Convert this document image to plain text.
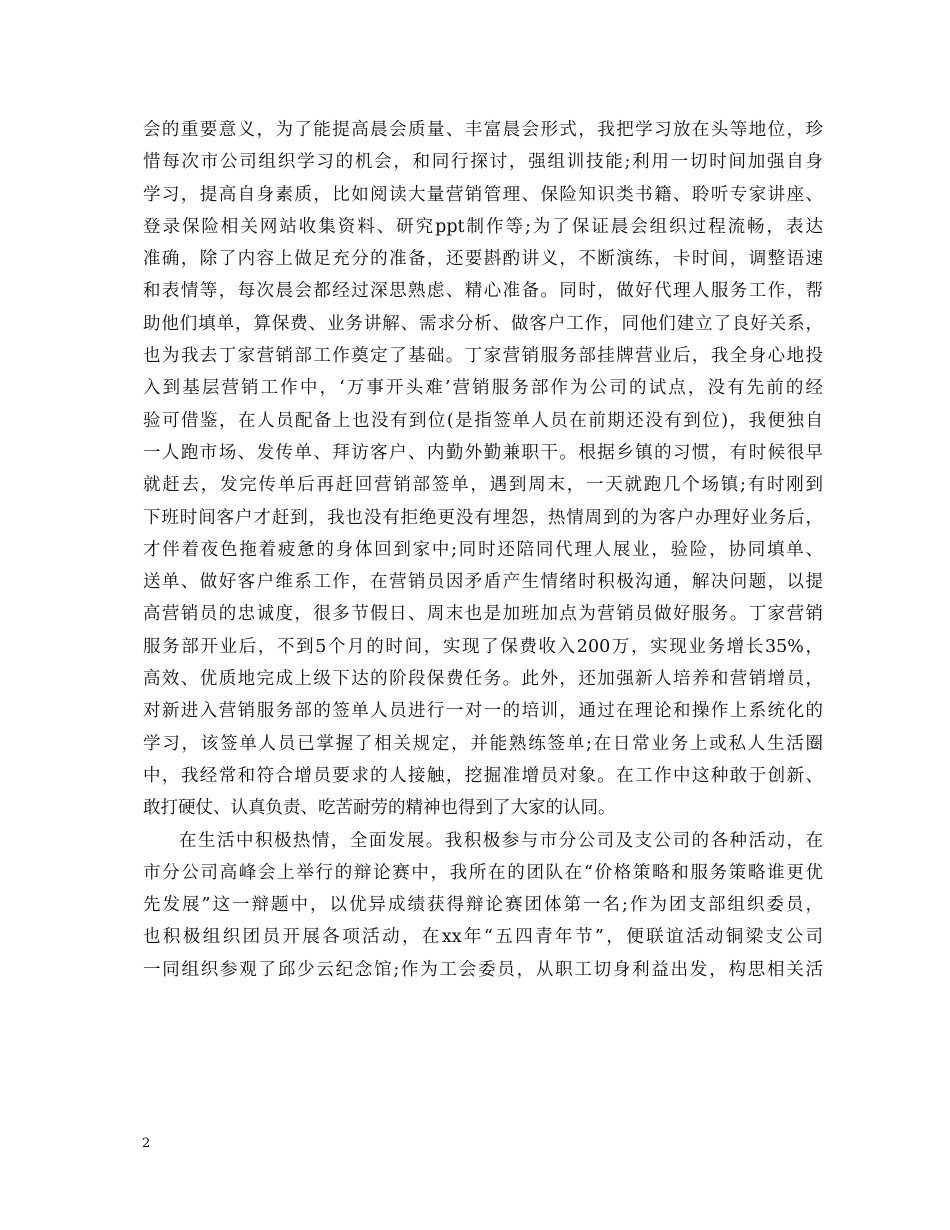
会的重要意义，为了能提高晨会质量、丰富晨会形式，我把学习放在头等地位，珍
惜每次市公司组织学习的机会，和同行探讨，强组训技能;利用一切时间加强自身
学习，提高自身素质，比如阅读大量营销管理、保险知识类书籍、聆听专家讲座、
登录保险相关网站收集资料、研究ppt制作等;为了保证晨会组织过程流畅，表达
准确，除了内容上做足充分的准备，还要斟酌讲义，不断演练，卡时间，调整语速
和表情等，每次晨会都经过深思熟虑、精心准备。同时，做好代理人服务工作，帮
助他们填单，算保费、业务讲解、需求分析、做客户工作，同他们建立了良好关系，
也为我去丁家营销部工作奠定了基础。丁家营销服务部挂牌营业后，我全身心地投
入到基层营销工作中，‘万事开头难’营销服务部作为公司的试点，没有先前的经
验可借鉴，在人员配备上也没有到位(是指签单人员在前期还没有到位)，我便独自
一人跑市场、发传单、拜访客户、内勤外勤兼职干。根据乡镇的习惯，有时候很早
就赶去，发完传单后再赶回营销部签单，遇到周末，一天就跑几个场镇;有时刚到
下班时间客户才赶到，我也没有拒绝更没有埋怨，热情周到的为客户办理好业务后，
才伴着夜色拖着疲惫的身体回到家中;同时还陪同代理人展业，验险，协同填单、
送单、做好客户维系工作，在营销员因矛盾产生情绪时积极沟通，解决问题，以提
高营销员的忠诚度，很多节假日、周末也是加班加点为营销员做好服务。丁家营销
服务部开业后，不到5个月的时间，实现了保费收入200万，实现业务增长35%，
高效、优质地完成上级下达的阶段保费任务。此外，还加强新人培养和营销增员，
对新进入营销服务部的签单人员进行一对一的培训，通过在理论和操作上系统化的
学习，该签单人员已掌握了相关规定，并能熟练签单;在日常业务上或私人生活圈
中，我经常和符合增员要求的人接触，挖掘准增员对象。在工作中这种敢于创新、
敢打硬仗、认真负责、吃苦耐劳的精神也得到了大家的认同。
在生活中积极热情，全面发展。我积极参与市分公司及支公司的各种活动，在
市分公司高峰会上举行的辩论赛中，我所在的团队在“价格策略和服务策略谁更优
先发展”这一辩题中，以优异成绩获得辩论赛团体第一名;作为团支部组织委员，
也积极组织团员开展各项活动，在xx年“五四青年节”，便联谊活动铜梁支公司
一同组织参观了邱少云纪念馆;作为工会委员，从职工切身利益出发，构思相关活
2
